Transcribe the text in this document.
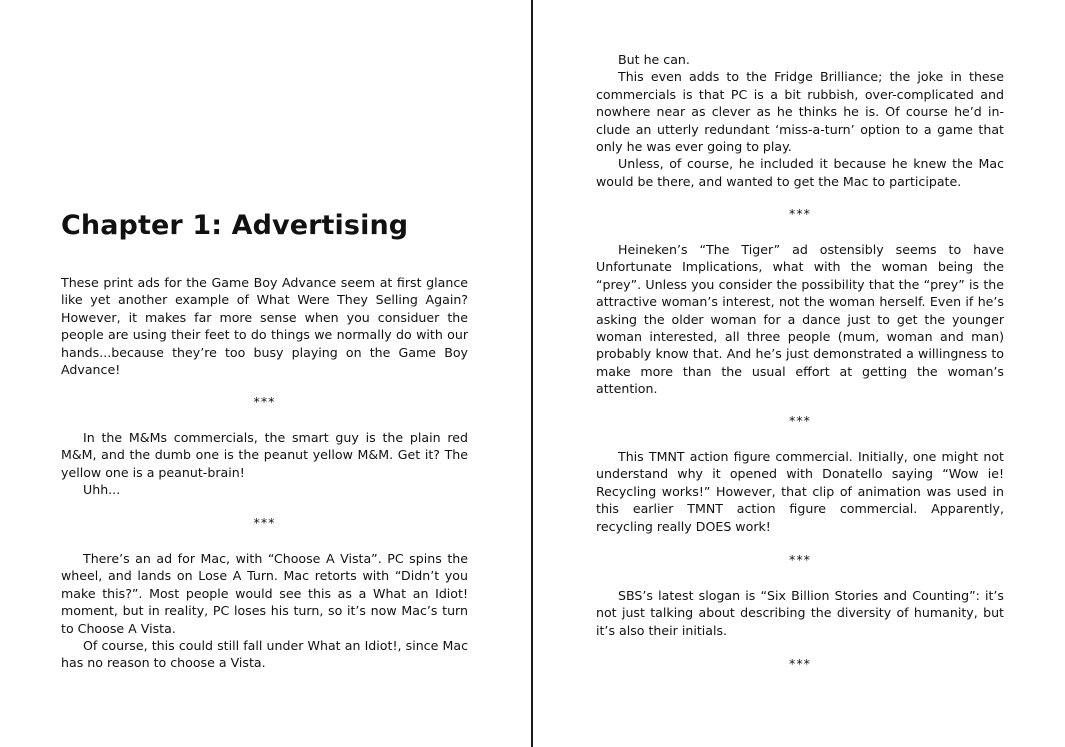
Chapter 1: Advertising

These print ads for the Game Boy Advance seem at first glance like yet another example of What Were They Selling Again? However, it makes far more sense when you considuer the people are using their feet to do things we normally do with our hands...because they’re too busy playing on the Game Boy Advance!

***

In the M&Ms commercials, the smart guy is the plain red M&M, and the dumb one is the peanut yellow M&M. Get it? The yellow one is a peanut-brain!

Uhh...

***

There’s an ad for Mac, with “Choose A Vista”. PC spins the wheel, and lands on Lose A Turn. Mac retorts with “Didn’t you make this?”. Most people would see this as a What an Idiot! moment, but in reality, PC loses his turn, so it’s now Mac’s turn to Choose A Vista.

Of course, this could still fall under What an Idiot!, since Mac has no reason to choose a Vista.

But he can.

This even adds to the Fridge Brilliance; the joke in these commercials is that PC is a bit rubbish, over-complicated and nowhere near as clever as he thinks he is. Of course he’d include an utterly redundant ‘miss-a-turn’ option to a game that only he was ever going to play.

Unless, of course, he included it because he knew the Mac would be there, and wanted to get the Mac to participate.

***

Heineken’s “The Tiger” ad ostensibly seems to have Unfortunate Implications, what with the woman being the “prey”. Unless you consider the possibility that the “prey” is the attractive woman’s interest, not the woman herself. Even if he’s asking the older woman for a dance just to get the younger woman interested, all three people (mum, woman and man) probably know that. And he’s just demonstrated a willingness to make more than the usual effort at getting the woman’s attention.

***

This TMNT action figure commercial. Initially, one might not understand why it opened with Donatello saying “Wow ie! Recycling works!” However, that clip of animation was used in this earlier TMNT action figure commercial. Apparently, recycling really DOES work!

***

SBS’s latest slogan is “Six Billion Stories and Counting”: it’s not just talking about describing the diversity of humanity, but it’s also their initials.

***
